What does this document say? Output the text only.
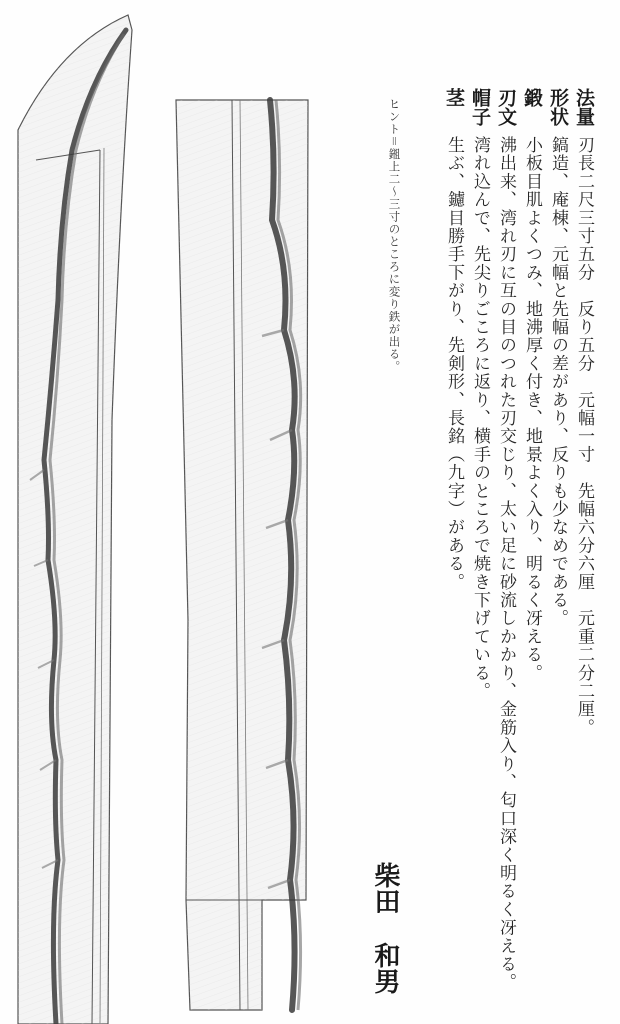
ヒント＝鎺上二〜三寸のところに変り鉄が出る。	法量
刃長二尺三寸五分　反り五分　元幅一寸　先幅六分六厘　元重二分二厘。
形状
鎬造、庵棟、元幅と先幅の差があり、反りも少なめである。
鍛
小板目肌よくつみ、地沸厚く付き、地景よく入り、明るく冴える。
刃文
沸出来、湾れ刃に互の目のつれた刃交じり、太い足に砂流しかかり、金筋入り、匂口深く明るく冴える。
帽子
湾れ込んで、先尖りごころに返り、横手のところで焼き下げている。
茎
生ぶ、鑢目勝手下がり、先剣形、長銘（九字）がある。
柴田
和男
